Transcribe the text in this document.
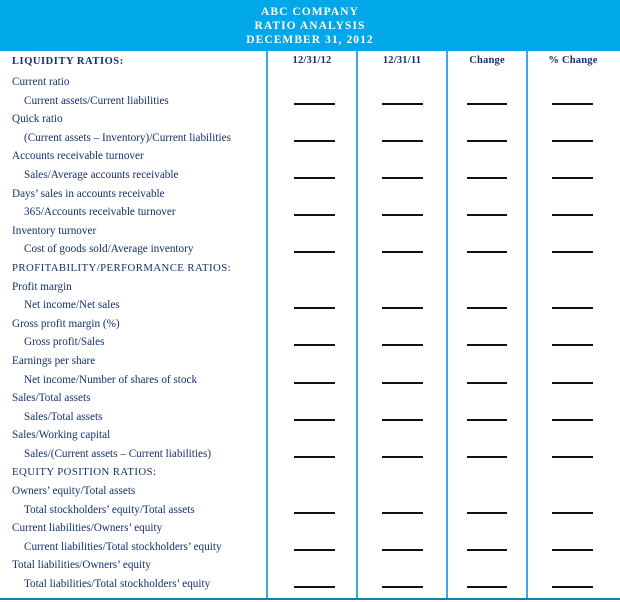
ABC COMPANY
RATIO ANALYSIS
DECEMBER 31, 2012
LIQUIDITY RATIOS:	12/31/12	12/31/11	Change	% Change
Current ratio
Current assets/Current liabilities
Quick ratio
(Current assets – Inventory)/Current liabilities
Accounts receivable turnover
Sales/Average accounts receivable
Days’ sales in accounts receivable
365/Accounts receivable turnover
Inventory turnover
Cost of goods sold/Average inventory
PROFITABILITY/PERFORMANCE RATIOS:
Profit margin
Net income/Net sales
Gross profit margin (%)
Gross profit/Sales
Earnings per share
Net income/Number of shares of stock
Sales/Total assets
Sales/Total assets
Sales/Working capital
Sales/(Current assets – Current liabilities)
EQUITY POSITION RATIOS:
Owners’ equity/Total assets
Total stockholders’ equity/Total assets
Current liabilities/Owners’ equity
Current liabilities/Total stockholders’ equity
Total liabilities/Owners’ equity
Total liabilities/Total stockholders’ equity
